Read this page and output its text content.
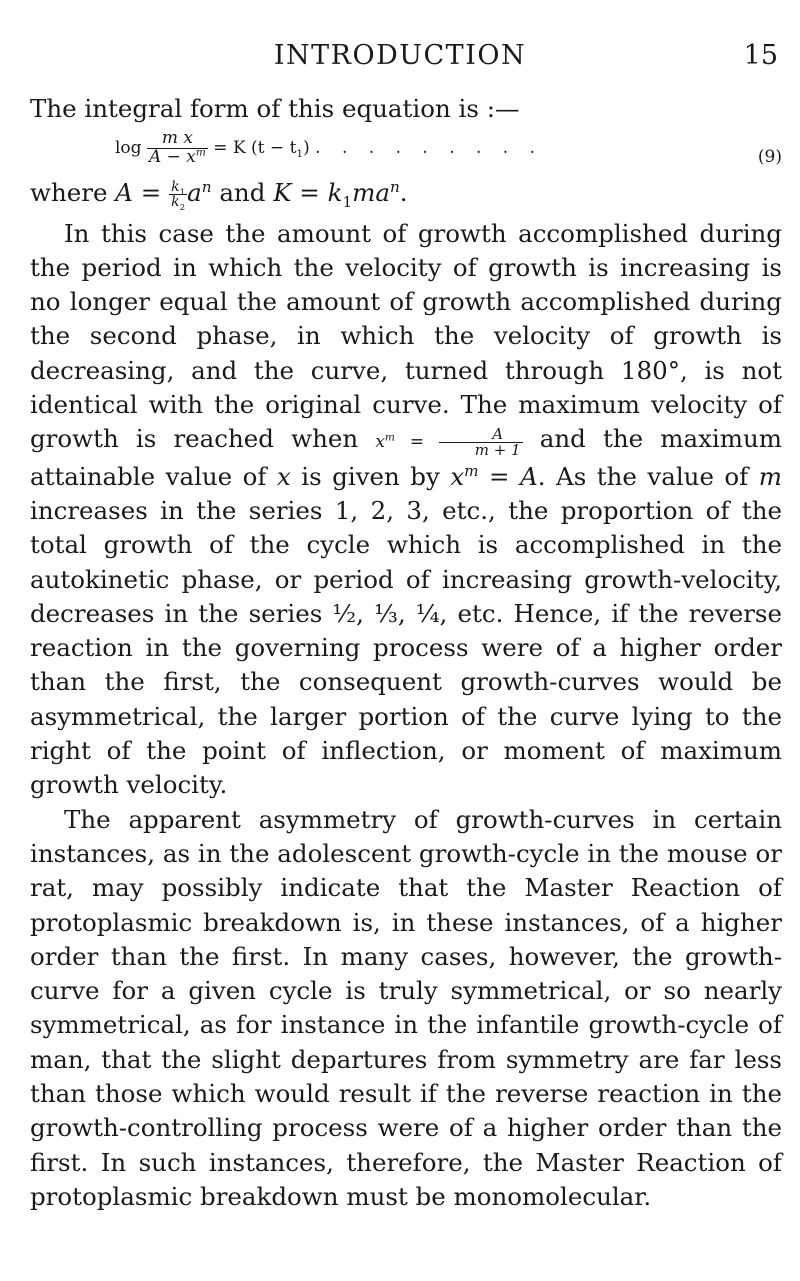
INTRODUCTION	15

The integral form of this equation is :—

$\log \frac{\text{m x}}{A - x^m} = K$ $(t - t_1)$ . . . . . . . . .	(9)

where $A = \frac{k_1}{k_2} a^n$ and $K = k_1ma^n$.

In this case the amount of growth accomplished during the period in which the velocity of growth is increasing is no longer equal the amount of growth accomplished during the second phase, in which the velocity of growth is decreasing, and the curve, turned through 180°, is not identical with the original curve. The maximum velocity of growth is reached when $x^m = \frac{A}{m + 1}$ and the maximum attainable value of x is given by $x^m = A$. As the value of m increases in the series 1, 2, 3, etc., the proportion of the total growth of the cycle which is accomplished in the autokinetic phase, or period of increasing growth-velocity, decreases in the series ½, ⅓, ¼, etc. Hence, if the reverse reaction in the governing process were of a higher order than the first, the consequent growth-curves would be asymmetrical, the larger portion of the curve lying to the right of the point of inflection, or moment of maximum growth velocity.

The apparent asymmetry of growth-curves in certain instances, as in the adolescent growth-cycle in the mouse or rat, may possibly indicate that the Master Reaction of protoplasmic breakdown is, in these instances, of a higher order than the first. In many cases, however, the growth-curve for a given cycle is truly symmetrical, or so nearly symmetrical, as for instance in the infantile growth-cycle of man, that the slight departures from symmetry are far less than those which would result if the reverse reaction in the growth-controlling process were of a higher order than the first. In such instances, therefore, the Master Reaction of protoplasmic breakdown must be monomolecular.
